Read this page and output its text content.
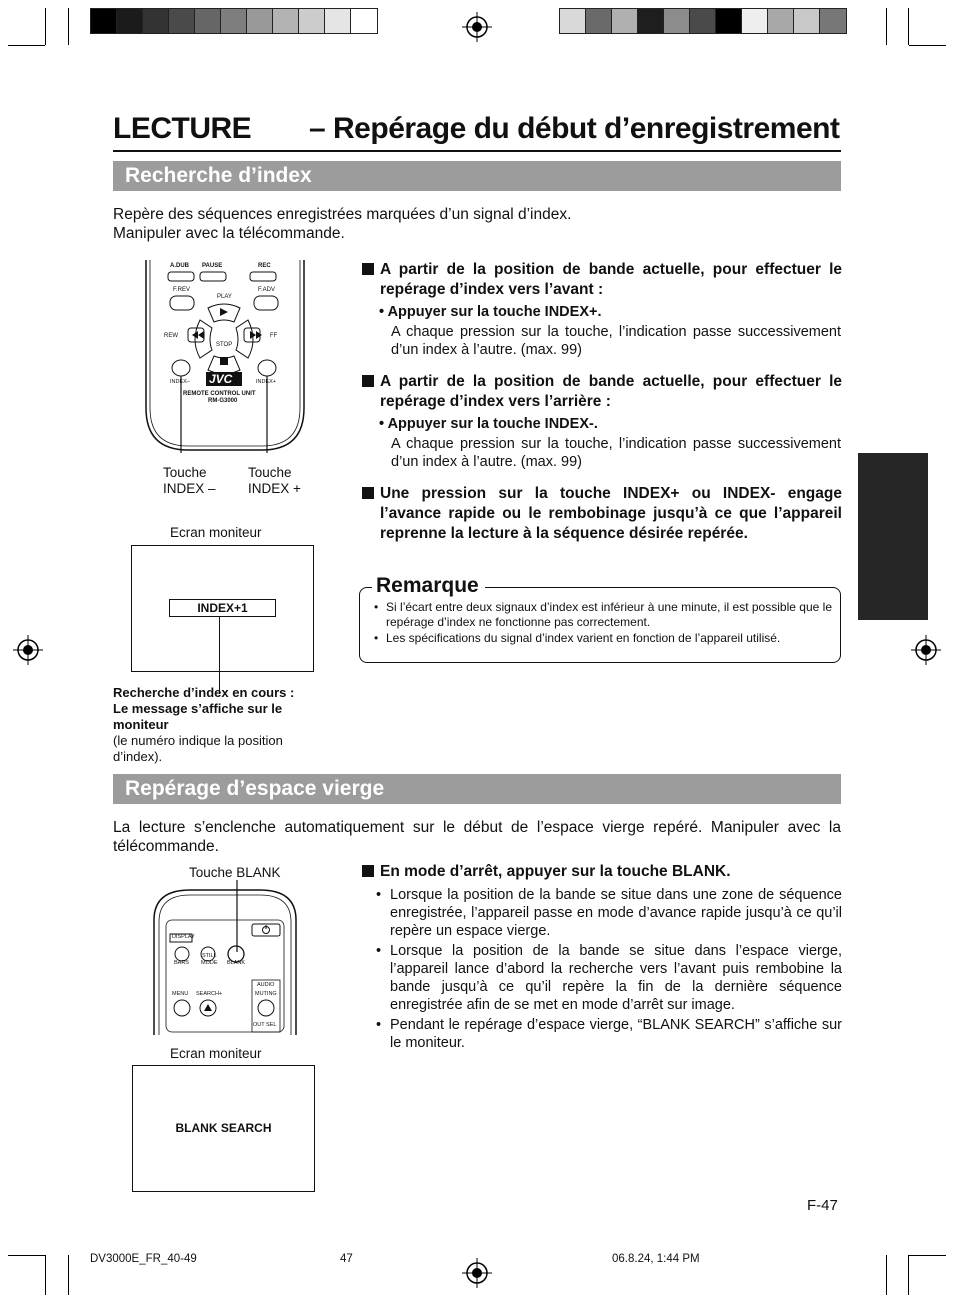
LECTURE – Repérage du début d’enregistrement
Recherche d’index
Repère des séquences enregistrées marquées d’un signal d’index.
Manipuler avec la télécommande.
A.DUB PAUSE	REC
F.REV	F.ADV
PLAY
REW	FF
STOP
INDEX–	INDEX+
JVC
REMOTE CONTROL UNIT
RM-G3000
Touche
INDEX –
Touche
INDEX +
Ecran moniteur
INDEX+1
Recherche d’index en cours :
Le message s’affiche sur le moniteur
(le numéro indique la position d’index).
A partir de la position de bande actuelle, pour effectuer le repérage d’index vers l’avant :
• Appuyer sur la touche INDEX+.
A chaque pression sur la touche, l’indication passe successivement d’un index à l’autre. (max. 99)
A partir de la position de bande actuelle, pour effectuer le repérage d’index vers l’arrière :
• Appuyer sur la touche INDEX-.
A chaque pression sur la touche, l’indication passe successivement d’un index à l’autre. (max. 99)
Une pression sur la touche INDEX+ ou INDEX- engage l’avance rapide ou le rembobinage jusqu’à ce que l’appareil reprenne la lecture à la séquence désirée repérée.
Remarque
• Si l’écart entre deux signaux d’index est inférieur à une minute, il est possible que le repérage d’index ne fonctionne pas correctement.
• Les spécifications du signal d’index varient en fonction de l’appareil utilisé.
Repérage d’espace vierge
La lecture s’enclenche automatiquement sur le début de l’espace vierge repéré. Manipuler avec la télécommande.
En mode d’arrêt, appuyer sur la touche BLANK.
• Lorsque la position de la bande se situe dans une zone de séquence enregistrée, l’appareil passe en mode d’avance rapide jusqu’à ce qu’il repère un espace vierge.
• Lorsque la position de la bande se situe dans l’espace vierge, l’appareil lance d’abord la recherche vers l’avant puis rembobine la bande jusqu’à ce qu’il repère la fin de la dernière séquence enregistrée afin de se met en mode d’arrêt sur image.
• Pendant le repérage d’espace vierge, “BLANK SEARCH” s’affiche sur le moniteur.
Touche BLANK
DISPLAY
BARS
STILL
MODE BLANK
AUDIO
MENU SEARCH+	MUTING
OUT SEL
Ecran moniteur
BLANK SEARCH
F-47
DV3000E_FR_40-49	47	06.8.24, 1:44 PM
